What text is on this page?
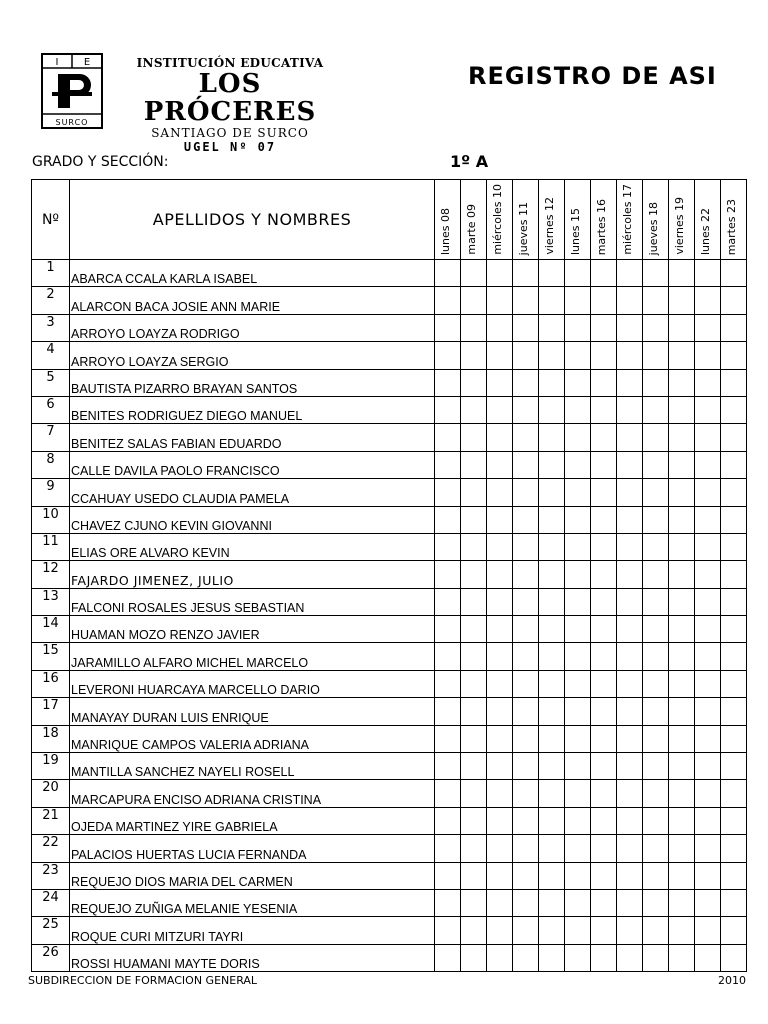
I	E
SURCO
INSTITUCIÓN EDUCATIVA
LOS PRÓCERES
SANTIAGO DE SURCO
UGEL Nº 07
REGISTRO DE ASI
GRADO Y SECCIÓN:	1º A
Nº	APELLIDOS Y NOMBRES	lunes 08	marte 09	miércoles 10	jueves 11	viernes 12	lunes 15	martes 16	miércoles 17	jueves 18	viernes 19	lunes 22	martes 23

1	ABARCA CCALA KARLA ISABEL												
2	ALARCON BACA JOSIE ANN MARIE												
3	ARROYO LOAYZA RODRIGO												
4	ARROYO LOAYZA SERGIO												
5	BAUTISTA PIZARRO BRAYAN SANTOS												
6	BENITES RODRIGUEZ DIEGO MANUEL												
7	BENITEZ SALAS FABIAN EDUARDO												
8	CALLE DAVILA PAOLO FRANCISCO												
9	CCAHUAY USEDO CLAUDIA PAMELA												
10	CHAVEZ CJUNO KEVIN GIOVANNI												
11	ELIAS ORE ALVARO KEVIN												
12	FAJARDO JIMENEZ, JULIO												
13	FALCONI ROSALES JESUS SEBASTIAN												
14	HUAMAN MOZO RENZO JAVIER												
15	JARAMILLO ALFARO MICHEL MARCELO												
16	LEVERONI HUARCAYA MARCELLO DARIO												
17	MANAYAY DURAN LUIS ENRIQUE												
18	MANRIQUE CAMPOS VALERIA ADRIANA												
19	MANTILLA SANCHEZ NAYELI ROSELL												
20	MARCAPURA ENCISO ADRIANA CRISTINA												
21	OJEDA MARTINEZ YIRE GABRIELA												
22	PALACIOS HUERTAS LUCIA FERNANDA												
23	REQUEJO DIOS MARIA DEL CARMEN												
24	REQUEJO ZUÑIGA MELANIE YESENIA												
25	ROQUE CURI MITZURI TAYRI												
26	ROSSI HUAMANI MAYTE DORIS												
SUBDIRECCION DE FORMACION GENERAL	2010
